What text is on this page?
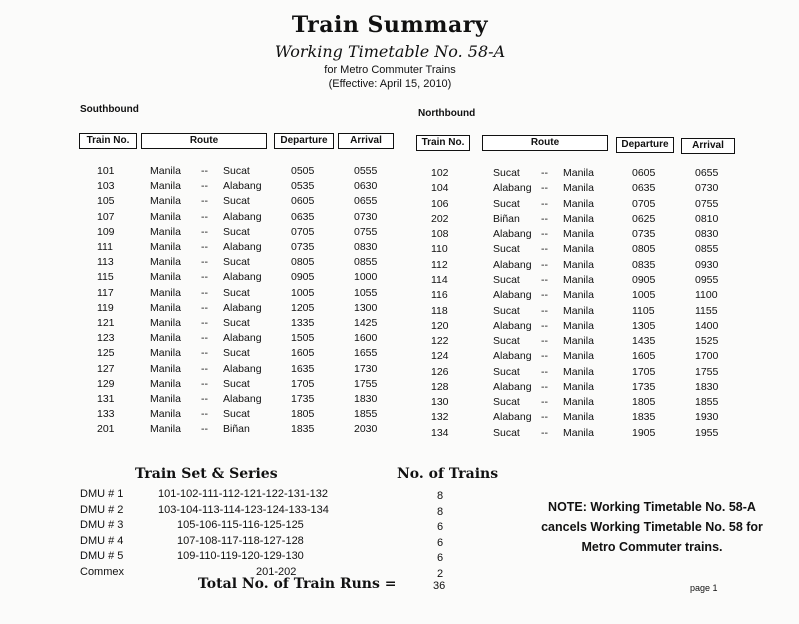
Train Summary
Working Timetable No. 58-A
for Metro Commuter Trains
(Effective: April 15, 2010)
Southbound	Northbound
Train No.	Route	Departure	Arrival	Train No.	Route	Departure	Arrival
101	Manila -- Sucat	0505	0555
103	Manila -- Alabang	0535	0630
105	Manila -- Sucat	0605	0655
107	Manila -- Alabang	0635	0730
109	Manila -- Sucat	0705	0755
111	Manila -- Alabang	0735	0830
113	Manila -- Sucat	0805	0855
115	Manila -- Alabang	0905	1000
117	Manila -- Sucat	1005	1055
119	Manila -- Alabang	1205	1300
121	Manila -- Sucat	1335	1425
123	Manila -- Alabang	1505	1600
125	Manila -- Sucat	1605	1655
127	Manila -- Alabang	1635	1730
129	Manila -- Sucat	1705	1755
131	Manila -- Alabang	1735	1830
133	Manila -- Sucat	1805	1855
201	Manila -- Biñan	1835	2030
102	Sucat -- Manila	0605	0655
104	Alabang -- Manila	0635	0730
106	Sucat -- Manila	0705	0755
202	Biñan -- Manila	0625	0810
108	Alabang -- Manila	0735	0830
110	Sucat -- Manila	0805	0855
112	Alabang -- Manila	0835	0930
114	Sucat -- Manila	0905	0955
116	Alabang -- Manila	1005	1100
118	Sucat -- Manila	1105	1155
120	Alabang -- Manila	1305	1400
122	Sucat -- Manila	1435	1525
124	Alabang -- Manila	1605	1700
126	Sucat -- Manila	1705	1755
128	Alabang -- Manila	1735	1830
130	Sucat -- Manila	1805	1855
132	Alabang -- Manila	1835	1930
134	Sucat -- Manila	1905	1955
Train Set & Series	No. of Trains
DMU # 1	101-102-111-112-121-122-131-132	8
DMU # 2	103-104-113-114-123-124-133-134	8
DMU # 3	105-106-115-116-125-125	6
DMU # 4	107-108-117-118-127-128	6
DMU # 5	109-110-119-120-129-130	6
Commex	201-202	2
Total No. of Train Runs =	36
NOTE: Working Timetable No. 58-A cancels Working Timetable No. 58 for Metro Commuter trains.
page 1
